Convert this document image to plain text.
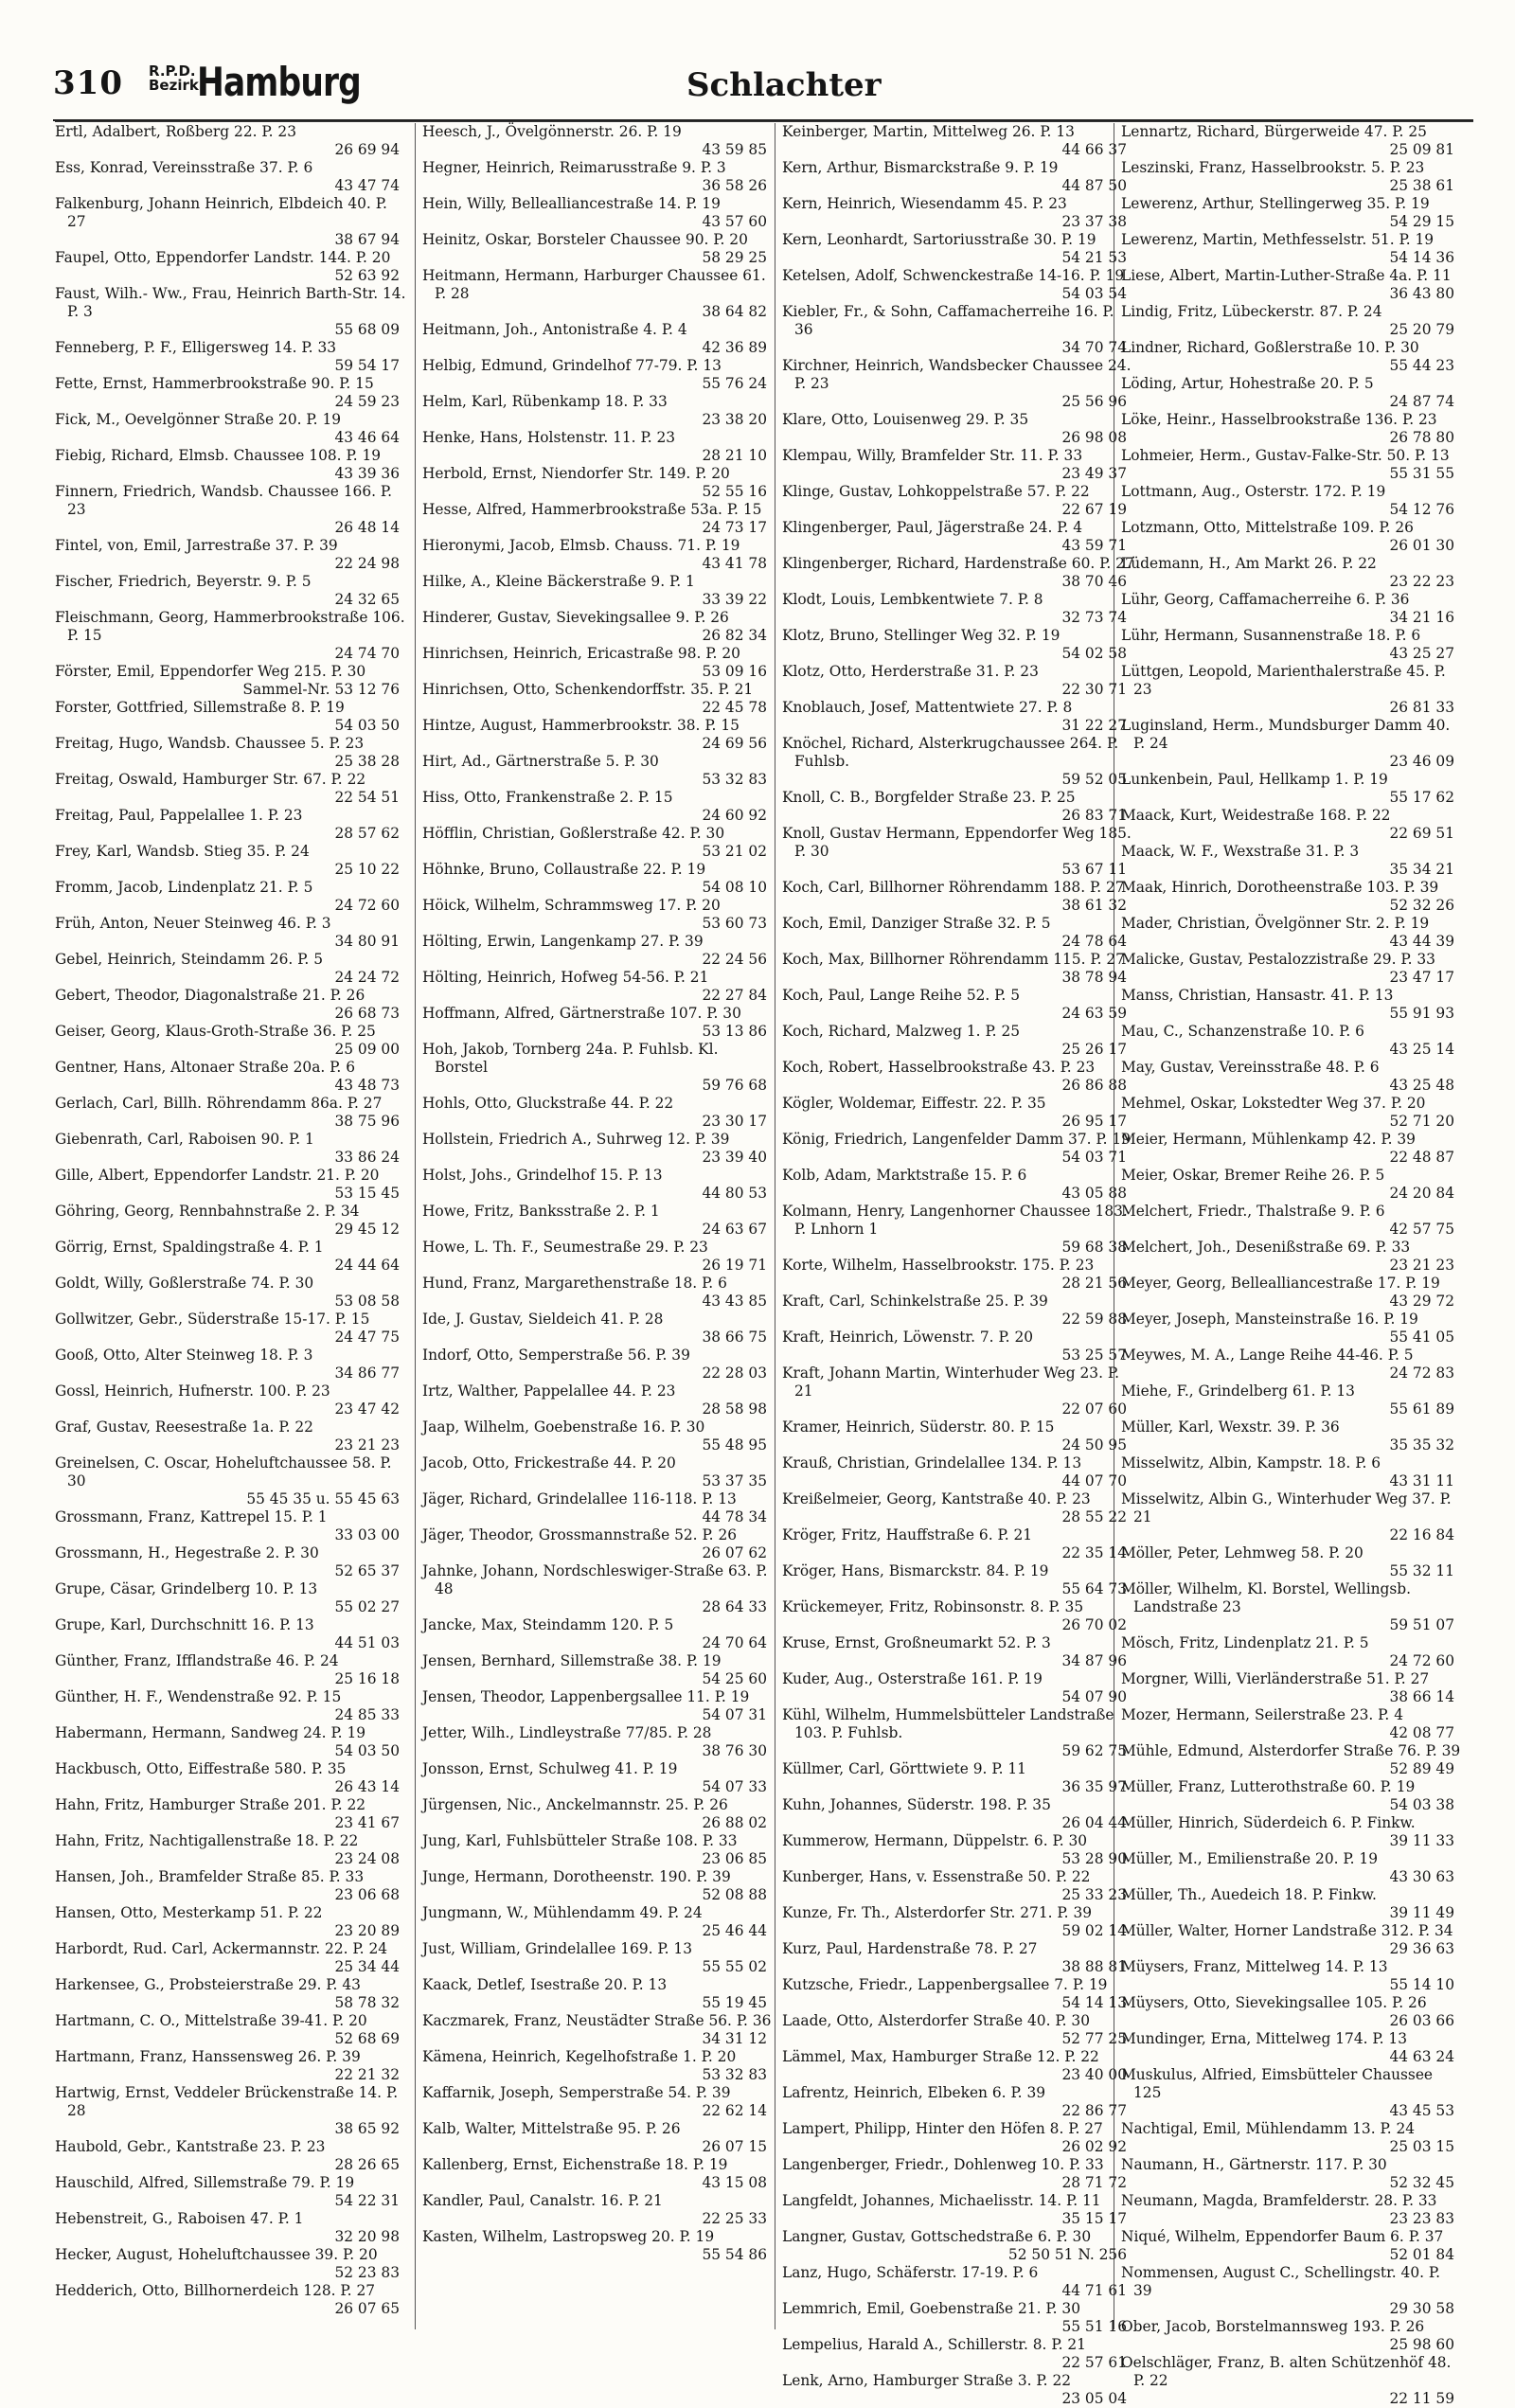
310 R.P.D.
Bezirk
Hamburg	Schlachter
Ertl, Adalbert, Roßberg 22. P. 23
26 69 94
Ess, Konrad, Vereinsstraße 37. P. 6
43 47 74
Falkenburg, Johann Heinrich, Elbdeich 40. P. 27
38 67 94
Faupel, Otto, Eppendorfer Landstr. 144. P. 20
52 63 92
Faust, Wilh.- Ww., Frau, Heinrich Barth-Str. 14. P. 3
55 68 09
Fenneberg, P. F., Elligersweg 14. P. 33
59 54 17
Fette, Ernst, Hammerbrookstraße 90. P. 15
24 59 23
Fick, M., Oevelgönner Straße 20. P. 19
43 46 64
Fiebig, Richard, Elmsb. Chaussee 108. P. 19
43 39 36
Finnern, Friedrich, Wandsb. Chaussee 166. P. 23
26 48 14
Fintel, von, Emil, Jarrestraße 37. P. 39
22 24 98
Fischer, Friedrich, Beyerstr. 9. P. 5
24 32 65
Fleischmann, Georg, Hammerbrookstraße 106. P. 15
24 74 70
Förster, Emil, Eppendorfer Weg 215. P. 30
Sammel-Nr. 53 12 76
Forster, Gottfried, Sillemstraße 8. P. 19
54 03 50
Freitag, Hugo, Wandsb. Chaussee 5. P. 23
25 38 28
Freitag, Oswald, Hamburger Str. 67. P. 22
22 54 51
Freitag, Paul, Pappelallee 1. P. 23
28 57 62
Frey, Karl, Wandsb. Stieg 35. P. 24
25 10 22
Fromm, Jacob, Lindenplatz 21. P. 5
24 72 60
Früh, Anton, Neuer Steinweg 46. P. 3
34 80 91
Gebel, Heinrich, Steindamm 26. P. 5
24 24 72
Gebert, Theodor, Diagonalstraße 21. P. 26
26 68 73
Geiser, Georg, Klaus-Groth-Straße 36. P. 25
25 09 00
Gentner, Hans, Altonaer Straße 20a. P. 6
43 48 73
Gerlach, Carl, Billh. Röhrendamm 86a. P. 27
38 75 96
Giebenrath, Carl, Raboisen 90. P. 1
33 86 24
Gille, Albert, Eppendorfer Landstr. 21. P. 20
53 15 45
Göhring, Georg, Rennbahnstraße 2. P. 34
29 45 12
Görrig, Ernst, Spaldingstraße 4. P. 1
24 44 64
Goldt, Willy, Goßlerstraße 74. P. 30
53 08 58
Gollwitzer, Gebr., Süderstraße 15-17. P. 15
24 47 75
Gooß, Otto, Alter Steinweg 18. P. 3
34 86 77
Gossl, Heinrich, Hufnerstr. 100. P. 23
23 47 42
Graf, Gustav, Reesestraße 1a. P. 22
23 21 23
Greinelsen, C. Oscar, Hoheluftchaussee 58. P. 30
55 45 35 u. 55 45 63
Grossmann, Franz, Kattrepel 15. P. 1
33 03 00
Grossmann, H., Hegestraße 2. P. 30
52 65 37
Grupe, Cäsar, Grindelberg 10. P. 13
55 02 27
Grupe, Karl, Durchschnitt 16. P. 13
44 51 03
Günther, Franz, Ifflandstraße 46. P. 24
25 16 18
Günther, H. F., Wendenstraße 92. P. 15
24 85 33
Habermann, Hermann, Sandweg 24. P. 19
54 03 50
Hackbusch, Otto, Eiffestraße 580. P. 35
26 43 14
Hahn, Fritz, Hamburger Straße 201. P. 22
23 41 67
Hahn, Fritz, Nachtigallenstraße 18. P. 22
23 24 08
Hansen, Joh., Bramfelder Straße 85. P. 33
23 06 68
Hansen, Otto, Mesterkamp 51. P. 22
23 20 89
Harbordt, Rud. Carl, Ackermannstr. 22. P. 24
25 34 44
Harkensee, G., Probsteierstraße 29. P. 43
58 78 32
Hartmann, C. O., Mittelstraße 39-41. P. 20
52 68 69
Hartmann, Franz, Hanssensweg 26. P. 39
22 21 32
Hartwig, Ernst, Veddeler Brückenstraße 14. P. 28
38 65 92
Haubold, Gebr., Kantstraße 23. P. 23
28 26 65
Hauschild, Alfred, Sillemstraße 79. P. 19
54 22 31
Hebenstreit, G., Raboisen 47. P. 1
32 20 98
Hecker, August, Hoheluftchaussee 39. P. 20
52 23 83
Hedderich, Otto, Billhornerdeich 128. P. 27
26 07 65
Heesch, J., Övelgönnerstr. 26. P. 19
43 59 85
Hegner, Heinrich, Reimarusstraße 9. P. 3
36 58 26
Hein, Willy, Bellealliancestraße 14. P. 19
43 57 60
Heinitz, Oskar, Borsteler Chaussee 90. P. 20
58 29 25
Heitmann, Hermann, Harburger Chaussee 61. P. 28
38 64 82
Heitmann, Joh., Antonistraße 4. P. 4
42 36 89
Helbig, Edmund, Grindelhof 77-79. P. 13
55 76 24
Helm, Karl, Rübenkamp 18. P. 33
23 38 20
Henke, Hans, Holstenstr. 11. P. 23
28 21 10
Herbold, Ernst, Niendorfer Str. 149. P. 20
52 55 16
Hesse, Alfred, Hammerbrookstraße 53a. P. 15
24 73 17
Hieronymi, Jacob, Elmsb. Chauss. 71. P. 19
43 41 78
Hilke, A., Kleine Bäckerstraße 9. P. 1
33 39 22
Hinderer, Gustav, Sievekingsallee 9. P. 26
26 82 34
Hinrichsen, Heinrich, Ericastraße 98. P. 20
53 09 16
Hinrichsen, Otto, Schenkendorffstr. 35. P. 21
22 45 78
Hintze, August, Hammerbrookstr. 38. P. 15
24 69 56
Hirt, Ad., Gärtnerstraße 5. P. 30
53 32 83
Hiss, Otto, Frankenstraße 2. P. 15
24 60 92
Höfflin, Christian, Goßlerstraße 42. P. 30
53 21 02
Höhnke, Bruno, Collaustraße 22. P. 19
54 08 10
Höick, Wilhelm, Schrammsweg 17. P. 20
53 60 73
Hölting, Erwin, Langenkamp 27. P. 39
22 24 56
Hölting, Heinrich, Hofweg 54-56. P. 21
22 27 84
Hoffmann, Alfred, Gärtnerstraße 107. P. 30
53 13 86
Hoh, Jakob, Tornberg 24a. P. Fuhlsb. Kl. Borstel
59 76 68
Hohls, Otto, Gluckstraße 44. P. 22
23 30 17
Hollstein, Friedrich A., Suhrweg 12. P. 39
23 39 40
Holst, Johs., Grindelhof 15. P. 13
44 80 53
Howe, Fritz, Banksstraße 2. P. 1
24 63 67
Howe, L. Th. F., Seumestraße 29. P. 23
26 19 71
Hund, Franz, Margarethenstraße 18. P. 6
43 43 85
Ide, J. Gustav, Sieldeich 41. P. 28
38 66 75
Indorf, Otto, Semperstraße 56. P. 39
22 28 03
Irtz, Walther, Pappelallee 44. P. 23
28 58 98
Jaap, Wilhelm, Goebenstraße 16. P. 30
55 48 95
Jacob, Otto, Frickestraße 44. P. 20
53 37 35
Jäger, Richard, Grindelallee 116-118. P. 13
44 78 34
Jäger, Theodor, Grossmannstraße 52. P. 26
26 07 62
Jahnke, Johann, Nordschleswiger-Straße 63. P. 48
28 64 33
Jancke, Max, Steindamm 120. P. 5
24 70 64
Jensen, Bernhard, Sillemstraße 38. P. 19
54 25 60
Jensen, Theodor, Lappenbergsallee 11. P. 19
54 07 31
Jetter, Wilh., Lindleystraße 77/85. P. 28
38 76 30
Jonsson, Ernst, Schulweg 41. P. 19
54 07 33
Jürgensen, Nic., Anckelmannstr. 25. P. 26
26 88 02
Jung, Karl, Fuhlsbütteler Straße 108. P. 33
23 06 85
Junge, Hermann, Dorotheenstr. 190. P. 39
52 08 88
Jungmann, W., Mühlendamm 49. P. 24
25 46 44
Just, William, Grindelallee 169. P. 13
55 55 02
Kaack, Detlef, Isestraße 20. P. 13
55 19 45
Kaczmarek, Franz, Neustädter Straße 56. P. 36
34 31 12
Kämena, Heinrich, Kegelhofstraße 1. P. 20
53 32 83
Kaffarnik, Joseph, Semperstraße 54. P. 39
22 62 14
Kalb, Walter, Mittelstraße 95. P. 26
26 07 15
Kallenberg, Ernst, Eichenstraße 18. P. 19
43 15 08
Kandler, Paul, Canalstr. 16. P. 21
22 25 33
Kasten, Wilhelm, Lastropsweg 20. P. 19
55 54 86
Keinberger, Martin, Mittelweg 26. P. 13
44 66 37
Kern, Arthur, Bismarckstraße 9. P. 19
44 87 50
Kern, Heinrich, Wiesendamm 45. P. 23
23 37 38
Kern, Leonhardt, Sartoriusstraße 30. P. 19
54 21 53
Ketelsen, Adolf, Schwenckestraße 14-16. P. 19
54 03 54
Kiebler, Fr., & Sohn, Caffamacherreihe 16. P. 36
34 70 74
Kirchner, Heinrich, Wandsbecker Chaussee 24. P. 23
25 56 96
Klare, Otto, Louisenweg 29. P. 35
26 98 08
Klempau, Willy, Bramfelder Str. 11. P. 33
23 49 37
Klinge, Gustav, Lohkoppelstraße 57. P. 22
22 67 19
Klingenberger, Paul, Jägerstraße 24. P. 4
43 59 71
Klingenberger, Richard, Hardenstraße 60. P. 27
38 70 46
Klodt, Louis, Lembkentwiete 7. P. 8
32 73 74
Klotz, Bruno, Stellinger Weg 32. P. 19
54 02 58
Klotz, Otto, Herderstraße 31. P. 23
22 30 71
Knoblauch, Josef, Mattentwiete 27. P. 8
31 22 27
Knöchel, Richard, Alsterkrugchaussee 264. P. Fuhlsb.
59 52 05
Knoll, C. B., Borgfelder Straße 23. P. 25
26 83 71
Knoll, Gustav Hermann, Eppendorfer Weg 185. P. 30
53 67 11
Koch, Carl, Billhorner Röhrendamm 188. P. 27
38 61 32
Koch, Emil, Danziger Straße 32. P. 5
24 78 64
Koch, Max, Billhorner Röhrendamm 115. P. 27
38 78 94
Koch, Paul, Lange Reihe 52. P. 5
24 63 59
Koch, Richard, Malzweg 1. P. 25
25 26 17
Koch, Robert, Hasselbrookstraße 43. P. 23
26 86 88
Kögler, Woldemar, Eiffestr. 22. P. 35
26 95 17
König, Friedrich, Langenfelder Damm 37. P. 19
54 03 71
Kolb, Adam, Marktstraße 15. P. 6
43 05 88
Kolmann, Henry, Langenhorner Chaussee 183. P. Lnhorn 1
59 68 38
Korte, Wilhelm, Hasselbrookstr. 175. P. 23
28 21 56
Kraft, Carl, Schinkelstraße 25. P. 39
22 59 88
Kraft, Heinrich, Löwenstr. 7. P. 20
53 25 57
Kraft, Johann Martin, Winterhuder Weg 23. P. 21
22 07 60
Kramer, Heinrich, Süderstr. 80. P. 15
24 50 95
Krauß, Christian, Grindelallee 134. P. 13
44 07 70
Kreißelmeier, Georg, Kantstraße 40. P. 23
28 55 22
Kröger, Fritz, Hauffstraße 6. P. 21
22 35 14
Kröger, Hans, Bismarckstr. 84. P. 19
55 64 73
Krückemeyer, Fritz, Robinsonstr. 8. P. 35
26 70 02
Kruse, Ernst, Großneumarkt 52. P. 3
34 87 96
Kuder, Aug., Osterstraße 161. P. 19
54 07 90
Kühl, Wilhelm, Hummelsbütteler Landstraße 103. P. Fuhlsb.
59 62 75
Küllmer, Carl, Görttwiete 9. P. 11
36 35 97
Kuhn, Johannes, Süderstr. 198. P. 35
26 04 44
Kummerow, Hermann, Düppelstr. 6. P. 30
53 28 90
Kunberger, Hans, v. Essenstraße 50. P. 22
25 33 23
Kunze, Fr. Th., Alsterdorfer Str. 271. P. 39
59 02 14
Kurz, Paul, Hardenstraße 78. P. 27
38 88 81
Kutzsche, Friedr., Lappenbergsallee 7. P. 19
54 14 13
Laade, Otto, Alsterdorfer Straße 40. P. 30
52 77 25
Lämmel, Max, Hamburger Straße 12. P. 22
23 40 00
Lafrentz, Heinrich, Elbeken 6. P. 39
22 86 77
Lampert, Philipp, Hinter den Höfen 8. P. 27
26 02 92
Langenberger, Friedr., Dohlenweg 10. P. 33
28 71 72
Langfeldt, Johannes, Michaelisstr. 14. P. 11
35 15 17
Langner, Gustav, Gottschedstraße 6. P. 30
52 50 51 N. 256
Lanz, Hugo, Schäferstr. 17-19. P. 6
44 71 61
Lemmrich, Emil, Goebenstraße 21. P. 30
55 51 16
Lempelius, Harald A., Schillerstr. 8. P. 21
22 57 61
Lenk, Arno, Hamburger Straße 3. P. 22
23 05 04
Lennartz, Richard, Bürgerweide 47. P. 25
25 09 81
Leszinski, Franz, Hasselbrookstr. 5. P. 23
25 38 61
Lewerenz, Arthur, Stellingerweg 35. P. 19
54 29 15
Lewerenz, Martin, Methfesselstr. 51. P. 19
54 14 36
Liese, Albert, Martin-Luther-Straße 4a. P. 11
36 43 80
Lindig, Fritz, Lübeckerstr. 87. P. 24
25 20 79
Lindner, Richard, Goßlerstraße 10. P. 30
55 44 23
Löding, Artur, Hohestraße 20. P. 5
24 87 74
Löke, Heinr., Hasselbrookstraße 136. P. 23
26 78 80
Lohmeier, Herm., Gustav-Falke-Str. 50. P. 13
55 31 55
Lottmann, Aug., Osterstr. 172. P. 19
54 12 76
Lotzmann, Otto, Mittelstraße 109. P. 26
26 01 30
Lüdemann, H., Am Markt 26. P. 22
23 22 23
Lühr, Georg, Caffamacherreihe 6. P. 36
34 21 16
Lühr, Hermann, Susannenstraße 18. P. 6
43 25 27
Lüttgen, Leopold, Marienthalerstraße 45. P. 23
26 81 33
Luginsland, Herm., Mundsburger Damm 40. P. 24
23 46 09
Lunkenbein, Paul, Hellkamp 1. P. 19
55 17 62
Maack, Kurt, Weidestraße 168. P. 22
22 69 51
Maack, W. F., Wexstraße 31. P. 3
35 34 21
Maak, Hinrich, Dorotheenstraße 103. P. 39
52 32 26
Mader, Christian, Övelgönner Str. 2. P. 19
43 44 39
Malicke, Gustav, Pestalozzistraße 29. P. 33
23 47 17
Manss, Christian, Hansastr. 41. P. 13
55 91 93
Mau, C., Schanzenstraße 10. P. 6
43 25 14
May, Gustav, Vereinsstraße 48. P. 6
43 25 48
Mehmel, Oskar, Lokstedter Weg 37. P. 20
52 71 20
Meier, Hermann, Mühlenkamp 42. P. 39
22 48 87
Meier, Oskar, Bremer Reihe 26. P. 5
24 20 84
Melchert, Friedr., Thalstraße 9. P. 6
42 57 75
Melchert, Joh., Desenißstraße 69. P. 33
23 21 23
Meyer, Georg, Bellealliancestraße 17. P. 19
43 29 72
Meyer, Joseph, Mansteinstraße 16. P. 19
55 41 05
Meywes, M. A., Lange Reihe 44-46. P. 5
24 72 83
Miehe, F., Grindelberg 61. P. 13
55 61 89
Müller, Karl, Wexstr. 39. P. 36
35 35 32
Misselwitz, Albin, Kampstr. 18. P. 6
43 31 11
Misselwitz, Albin G., Winterhuder Weg 37. P. 21
22 16 84
Möller, Peter, Lehmweg 58. P. 20
55 32 11
Möller, Wilhelm, Kl. Borstel, Wellingsb. Landstraße 23
59 51 07
Mösch, Fritz, Lindenplatz 21. P. 5
24 72 60
Morgner, Willi, Vierländerstraße 51. P. 27
38 66 14
Mozer, Hermann, Seilerstraße 23. P. 4
42 08 77
Mühle, Edmund, Alsterdorfer Straße 76. P. 39
52 89 49
Müller, Franz, Lutterothstraße 60. P. 19
54 03 38
Müller, Hinrich, Süderdeich 6. P. Finkw.
39 11 33
Müller, M., Emilienstraße 20. P. 19
43 30 63
Müller, Th., Auedeich 18. P. Finkw.
39 11 49
Müller, Walter, Horner Landstraße 312. P. 34
29 36 63
Müysers, Franz, Mittelweg 14. P. 13
55 14 10
Müysers, Otto, Sievekingsallee 105. P. 26
26 03 66
Mundinger, Erna, Mittelweg 174. P. 13
44 63 24
Muskulus, Alfried, Eimsbütteler Chaussee 125
43 45 53
Nachtigal, Emil, Mühlendamm 13. P. 24
25 03 15
Naumann, H., Gärtnerstr. 117. P. 30
52 32 45
Neumann, Magda, Bramfelderstr. 28. P. 33
23 23 83
Niqué, Wilhelm, Eppendorfer Baum 6. P. 37
52 01 84
Nommensen, August C., Schellingstr. 40. P. 39
29 30 58
Ober, Jacob, Borstelmannsweg 193. P. 26
25 98 60
Oelschläger, Franz, B. alten Schützenhöf 48. P. 22
22 11 59
